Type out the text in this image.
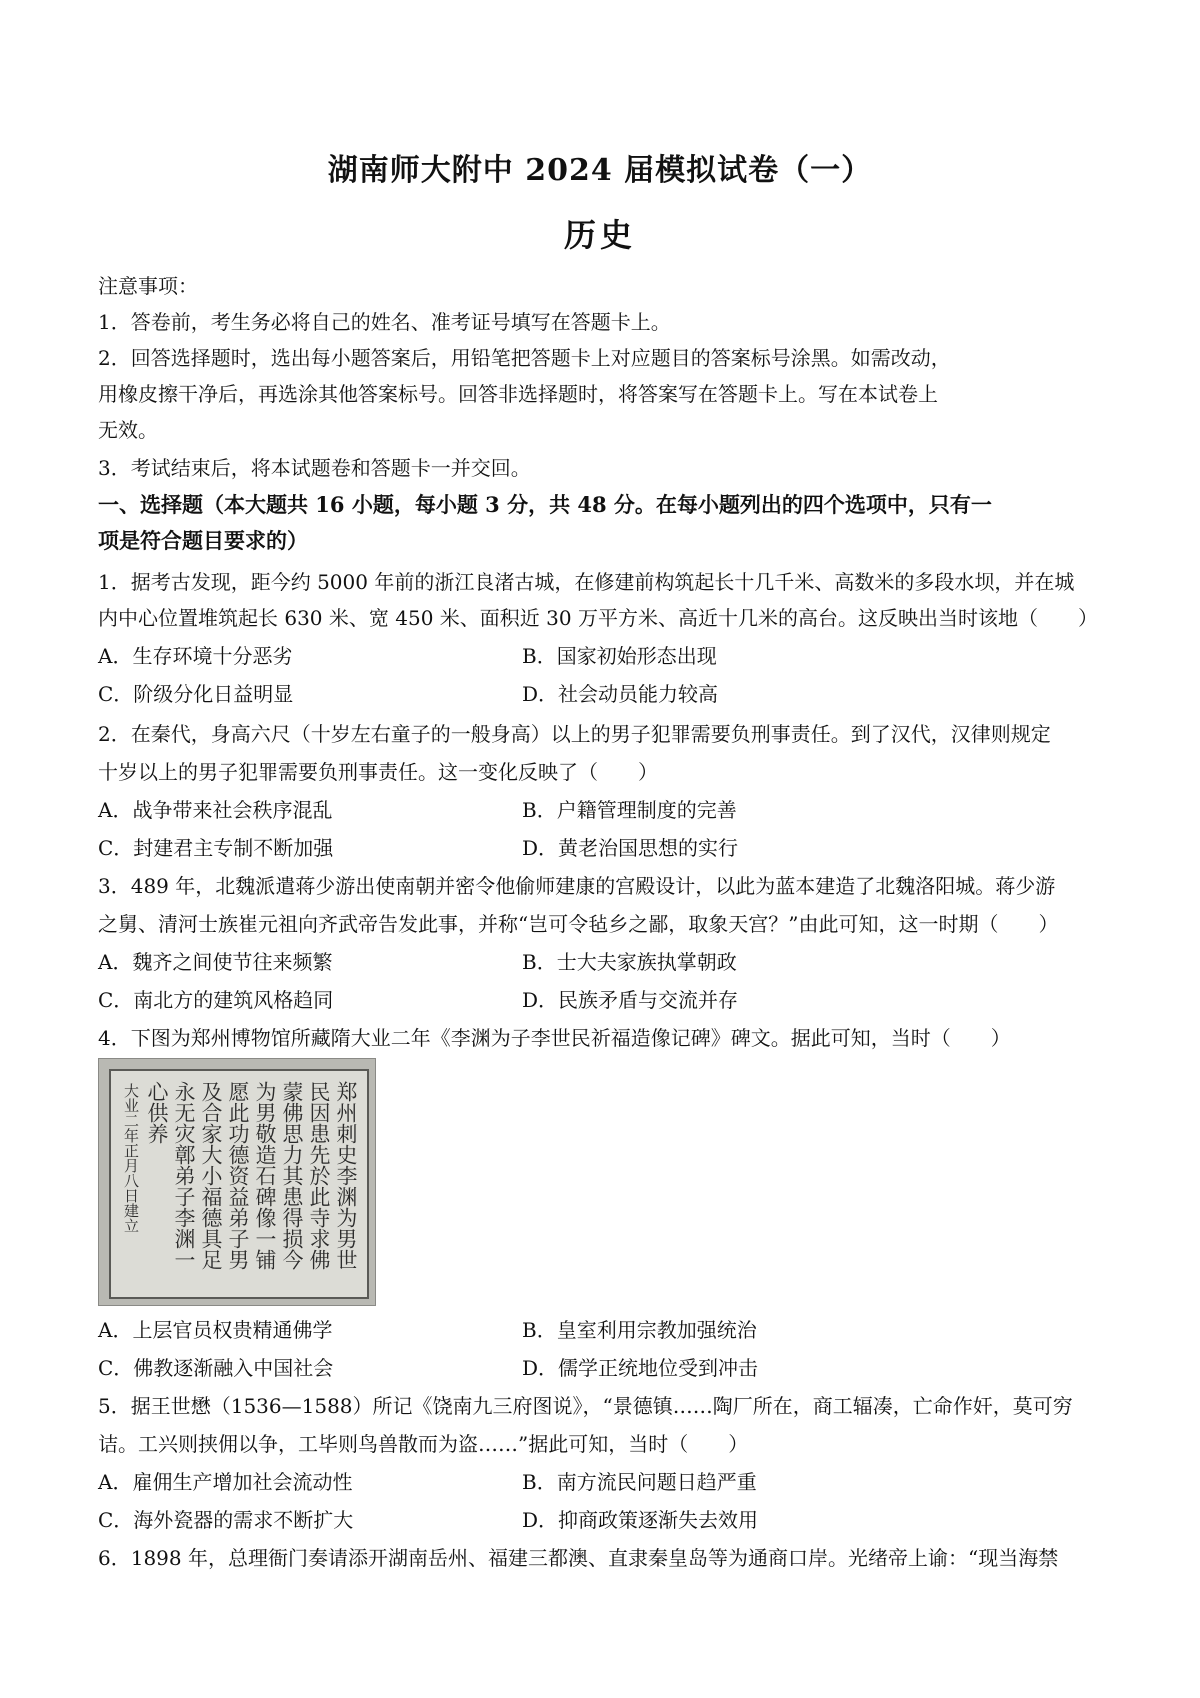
湖南师大附中 2024 届模拟试卷（一）
历史
注意事项：
1．答卷前，考生务必将自己的姓名、准考证号填写在答题卡上。
2．回答选择题时，选出每小题答案后，用铅笔把答题卡上对应题目的答案标号涂黑。如需改动，
用橡皮擦干净后，再选涂其他答案标号。回答非选择题时，将答案写在答题卡上。写在本试卷上
无效。
3．考试结束后，将本试题卷和答题卡一并交回。
一、选择题（本大题共 16 小题，每小题 3 分，共 48 分。在每小题列出的四个选项中，只有一
项是符合题目要求的）
1．据考古发现，距今约 5000 年前的浙江良渚古城，在修建前构筑起长十几千米、高数米的多段水坝，并在城
内中心位置堆筑起长 630 米、宽 450 米、面积近 30 万平方米、高近十几米的高台。这反映出当时该地（　　）
A．生存环境十分恶劣	B．国家初始形态出现
C．阶级分化日益明显	D．社会动员能力较高
2．在秦代，身高六尺（十岁左右童子的一般身高）以上的男子犯罪需要负刑事责任。到了汉代，汉律则规定
十岁以上的男子犯罪需要负刑事责任。这一变化反映了（　　）
A．战争带来社会秩序混乱	B．户籍管理制度的完善
C．封建君主专制不断加强	D．黄老治国思想的实行
3．489 年，北魏派遣蒋少游出使南朝并密令他偷师建康的宫殿设计，以此为蓝本建造了北魏洛阳城。蒋少游
之舅、清河士族崔元祖向齐武帝告发此事，并称“岂可令毡乡之鄙，取象天宫？”由此可知，这一时期（　　）
A．魏齐之间使节往来频繁	B．士大夫家族执掌朝政
C．南北方的建筑风格趋同	D．民族矛盾与交流并存
4．下图为郑州博物馆所藏隋大业二年《李渊为子李世民祈福造像记碑》碑文。据此可知，当时（　　）
郑州刺史李渊为男世
民因患先於此寺求佛
蒙佛思力其患得损今
为男敬造石碑像一铺
愿此功德资益弟子男
及合家大小福德具足
永无灾鄣弟子李渊一
心供养
大业二年正月八日建立
A．上层官员权贵精通佛学	B．皇室利用宗教加强统治
C．佛教逐渐融入中国社会	D．儒学正统地位受到冲击
5．据王世懋（1536—1588）所记《饶南九三府图说》，“景德镇……陶厂所在，商工辐凑，亡命作奸，莫可穷
诘。工兴则挟佣以争，工毕则鸟兽散而为盗……”据此可知，当时（　　）
A．雇佣生产增加社会流动性	B．南方流民问题日趋严重
C．海外瓷器的需求不断扩大	D．抑商政策逐渐失去效用
6．1898 年，总理衙门奏请添开湖南岳州、福建三都澳、直隶秦皇岛等为通商口岸。光绪帝上谕：“现当海禁
